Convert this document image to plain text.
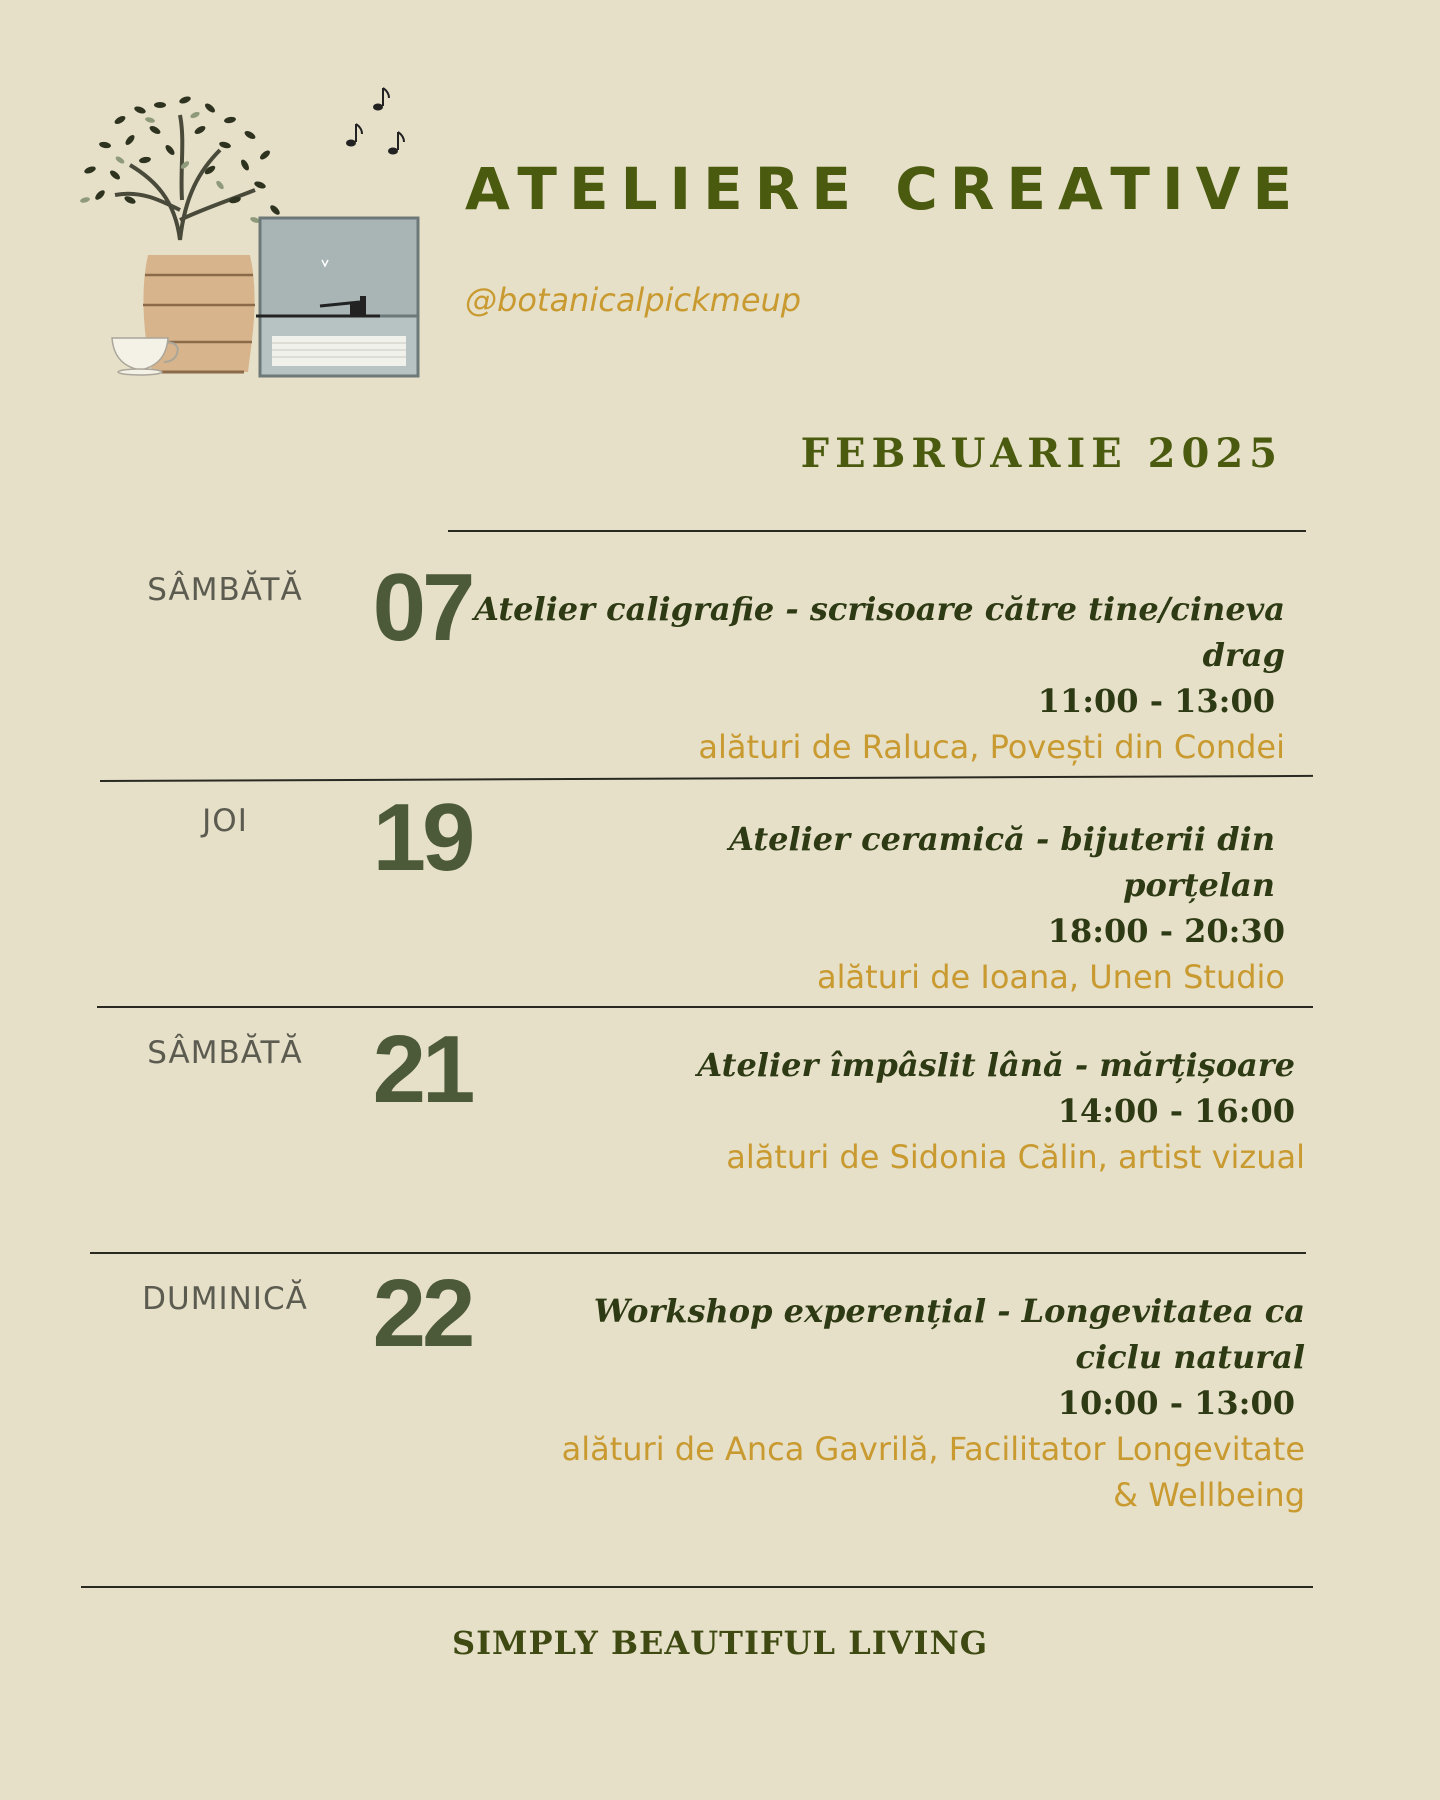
ATELIERE CREATIVE
@botanicalpickmeup
FEBRUARIE 2025
SÂMBĂTĂ 07 Atelier caligrafie - scrisoare către tine/cineva drag
11:00 - 13:00
alături de Raluca, Povești din Condei
JOI	19	Atelier ceramică - bijuterii din porțelan
18:00 - 20:30
alături de Ioana, Unen Studio
SÂMBĂTĂ 21	Atelier împâslit lână - mărțișoare
14:00 - 16:00
alături de Sidonia Călin, artist vizual
DUMINICĂ 22	Workshop experențial - Longevitatea ca ciclu natural
10:00 - 13:00
alături de Anca Gavrilă, Facilitator Longevitate & Wellbeing
SIMPLY BEAUTIFUL LIVING
